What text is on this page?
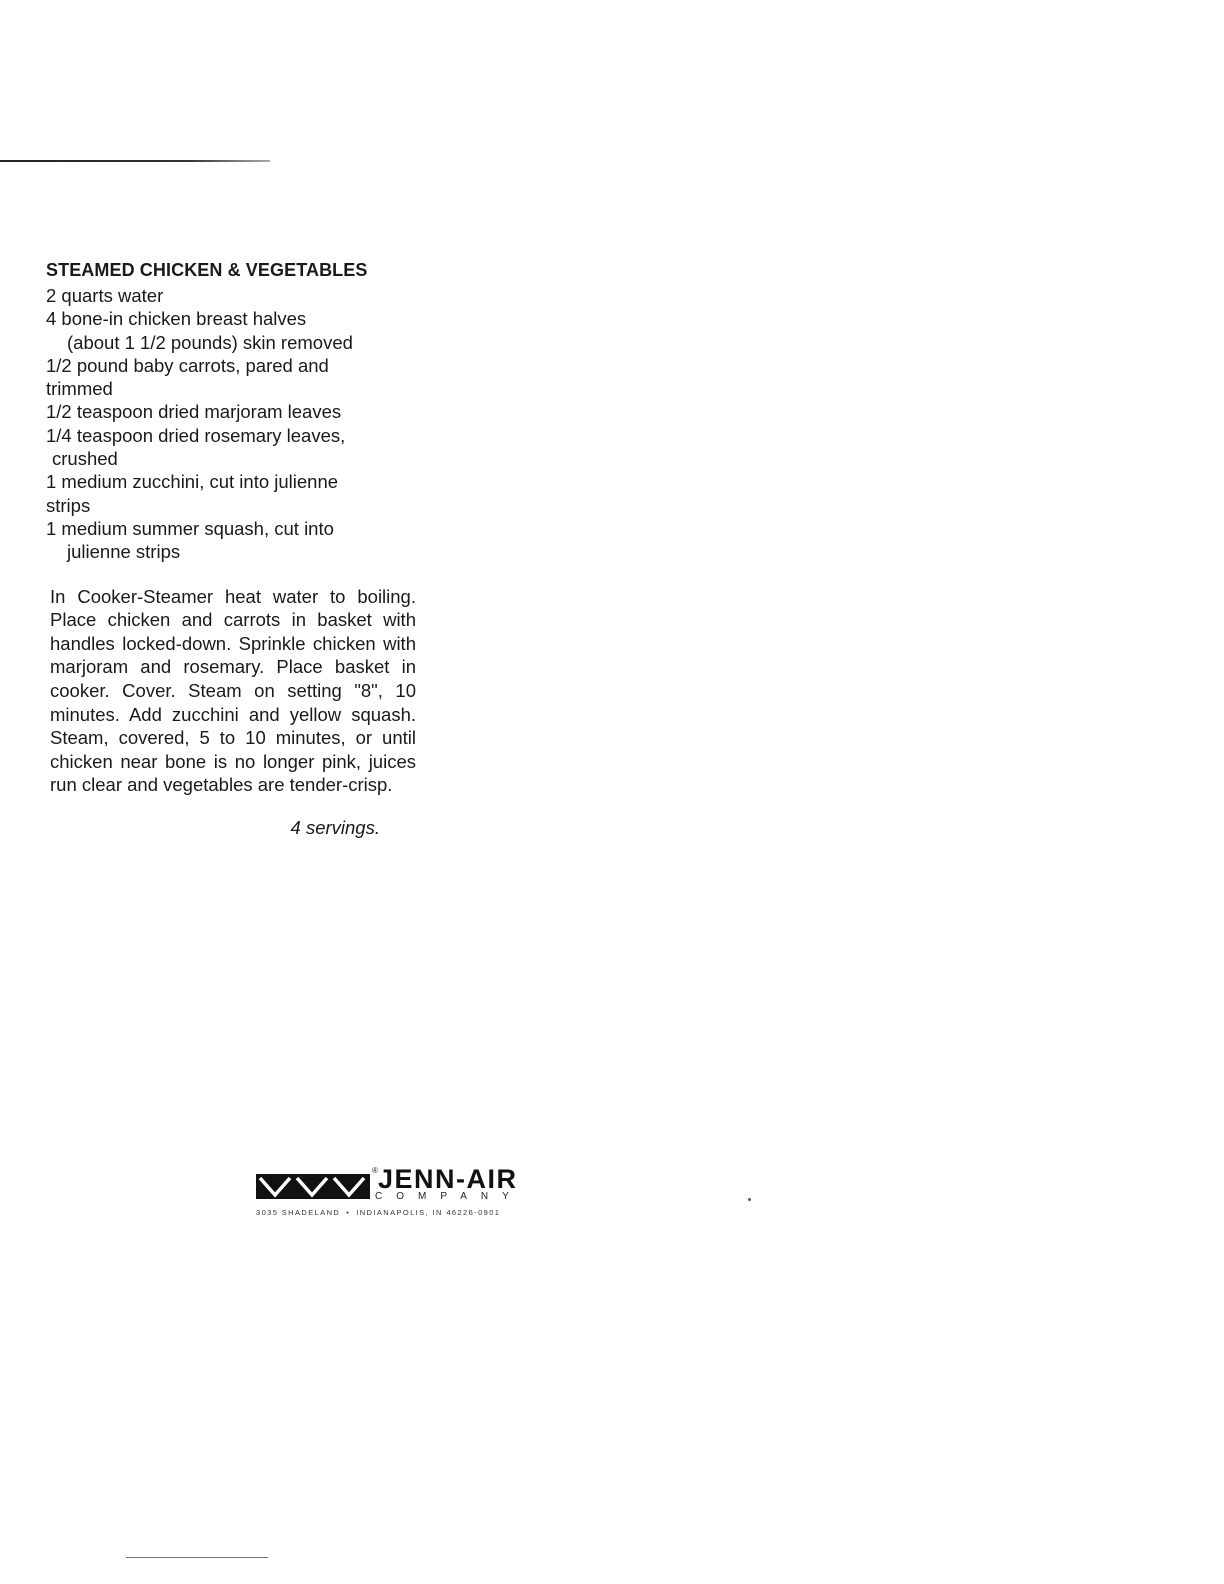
STEAMED CHICKEN & VEGETABLES
2 quarts water
4 bone-in chicken breast halves
(about 1 1/2 pounds) skin removed
1/2 pound baby carrots, pared and
trimmed
1/2 teaspoon dried marjoram leaves
1/4 teaspoon dried rosemary leaves,
crushed
1 medium zucchini, cut into julienne
strips
1 medium summer squash, cut into
julienne strips

In Cooker-Steamer heat water to boiling. Place chicken and carrots in basket with handles locked-down. Sprinkle chicken with marjoram and rosemary. Place basket in cooker. Cover. Steam on setting "8", 10 minutes. Add zucchini and yellow squash. Steam, covered, 5 to 10 minutes, or until chicken near bone is no longer pink, juices run clear and vegetables are tender-crisp.

4 servings.

® JENN-AIR
COMPANY
3035 SHADELAND • INDIANAPOLIS, IN 46226-0901
